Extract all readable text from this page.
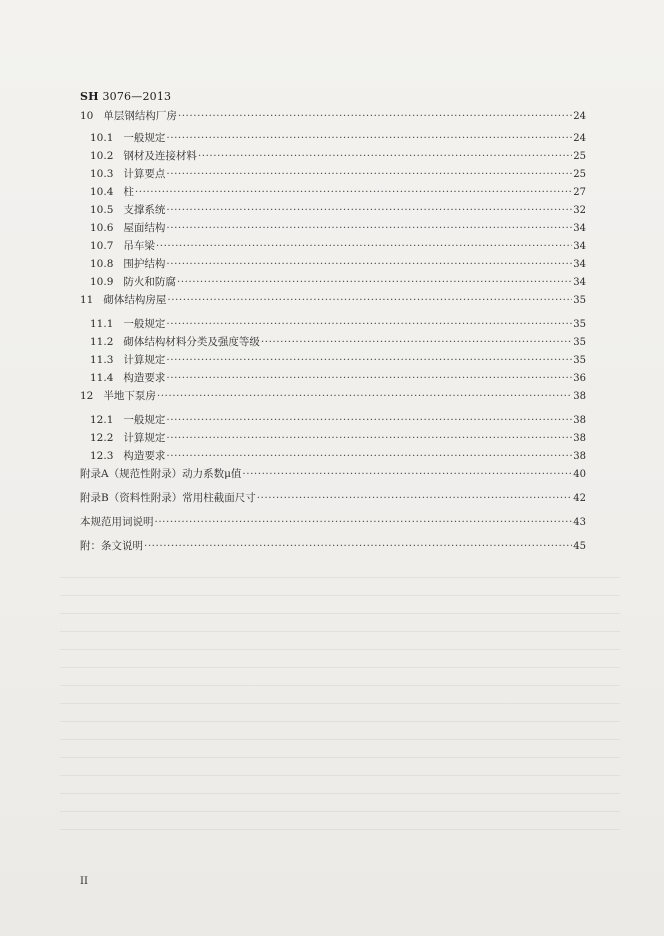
SH 3076—2013
10 单层钢结构厂房 ·····	24
10.1 一般规定 ·····	24
10.2 钢材及连接材料 ·····	25
10.3 计算要点 ·····	25
10.4 柱 ·····	27
10.5 支撑系统 ·····	32
10.6 屋面结构 ·····	34
10.7 吊车梁 ·····	34
10.8 围护结构 ·····	34
10.9 防火和防腐 ·····	34
11 砌体结构房屋 ·····	35
11.1 一般规定 ·····	35
11.2 砌体结构材料分类及强度等级 ·····	35
11.3 计算规定 ·····	35
11.4 构造要求 ·····	36
12 半地下泵房 ·····	38
12.1 一般规定 ·····	38
12.2 计算规定 ·····	38
12.3 构造要求 ·····	38
附录A（规范性附录）动力系数μ值 ·····	40
附录B（资料性附录）常用柱截面尺寸 ·····	42
本规范用词说明 ·····	43
附：条文说明 ·····	45
II
